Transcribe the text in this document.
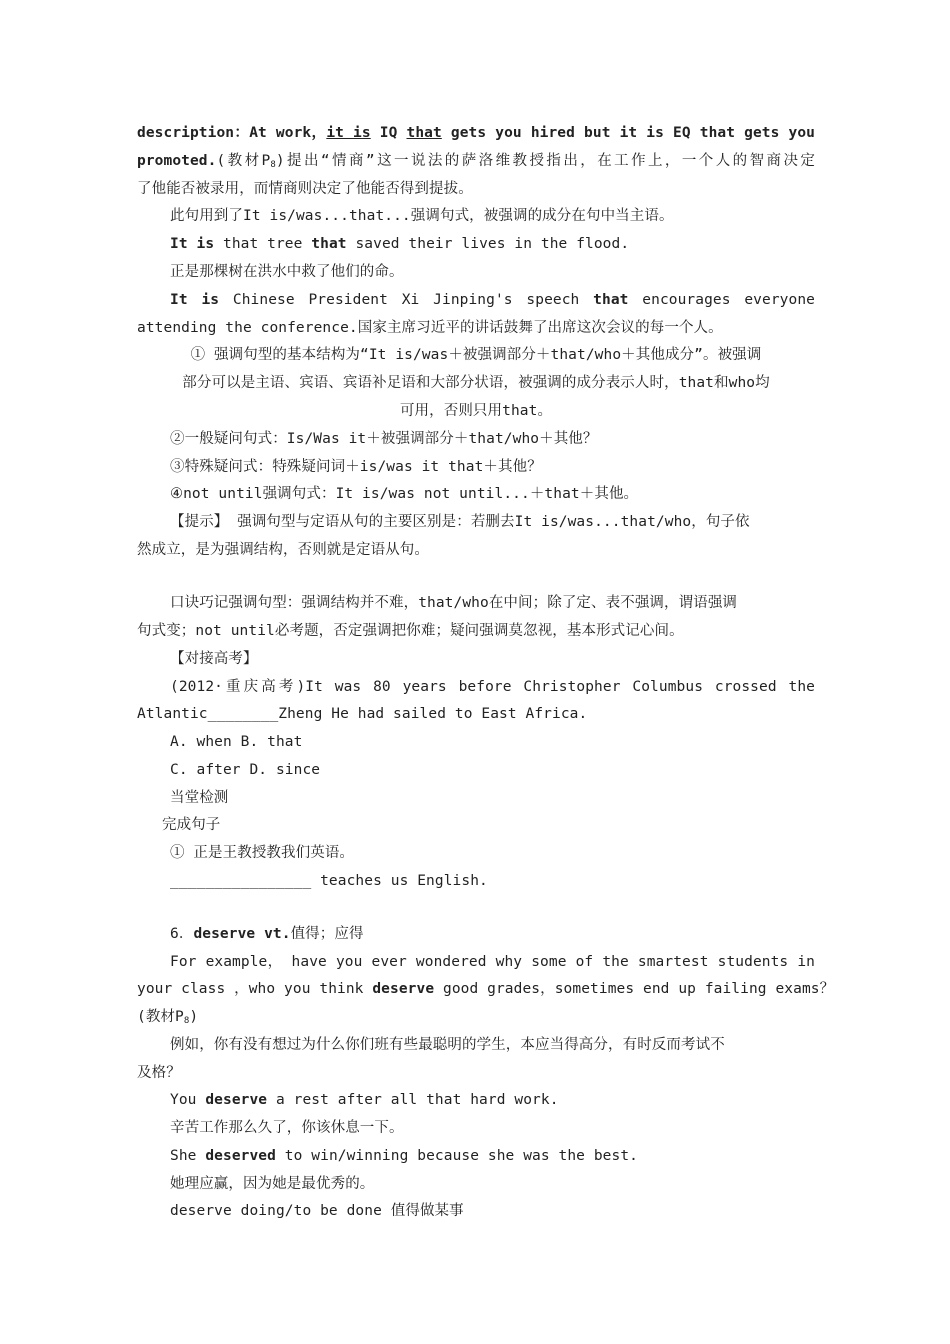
description：At work，it is IQ that gets you hired but it is EQ that gets you
promoted.(教材$P_8$)提出“情商”这一说法的萨洛维教授指出，在工作上，一个人的智商决定
了他能否被录用，而情商则决定了他能否得到提拔。
此句用到了It is/was...that...强调句式，被强调的成分在句中当主语。
It is that tree that saved their lives in the flood.
正是那棵树在洪水中救了他们的命。
It is Chinese President Xi Jinping's speech that encourages everyone
attending the conference.国家主席习近平的讲话鼓舞了出席这次会议的每一个人。
① 强调句型的基本结构为“It is/was＋被强调部分＋that/who＋其他成分”。被强调
部分可以是主语、宾语、宾语补足语和大部分状语，被强调的成分表示人时，that和who均
可用，否则只用that。
②一般疑问句式：Is/Was it＋被强调部分＋that/who＋其他？
③特殊疑问式：特殊疑问词＋is/was it that＋其他？
④not until强调句式：It is/was not until...＋that＋其他。
【提示】 强调句型与定语从句的主要区别是：若删去It is/was...that/who，句子依
然成立，是为强调结构，否则就是定语从句。
口诀巧记强调句型：强调结构并不难，that/who在中间；除了定、表不强调，谓语强调
句式变；not until必考题，否定强调把你难；疑问强调莫忽视，基本形式记心间。
【对接高考】
(2012·重庆高考)It was 80 years before Christopher Columbus crossed the
Atlantic________Zheng He had sailed to East Africa.
A. when B. that
C. after D. since
当堂检测
完成句子
① 正是王教授教我们英语。
________________ teaches us English.
6．deserve vt.值得；应得
For example， have you ever wondered why some of the smartest students in
your class ，who you think deserve good grades，sometimes end up failing exams？
(教材$P_8$)
例如，你有没有想过为什么你们班有些最聪明的学生，本应当得高分，有时反而考试不
及格？
You deserve a rest after all that hard work.
辛苦工作那么久了，你该休息一下。
She deserved to win/winning because she was the best.
她理应赢，因为她是最优秀的。
deserve doing/to be done 值得做某事
